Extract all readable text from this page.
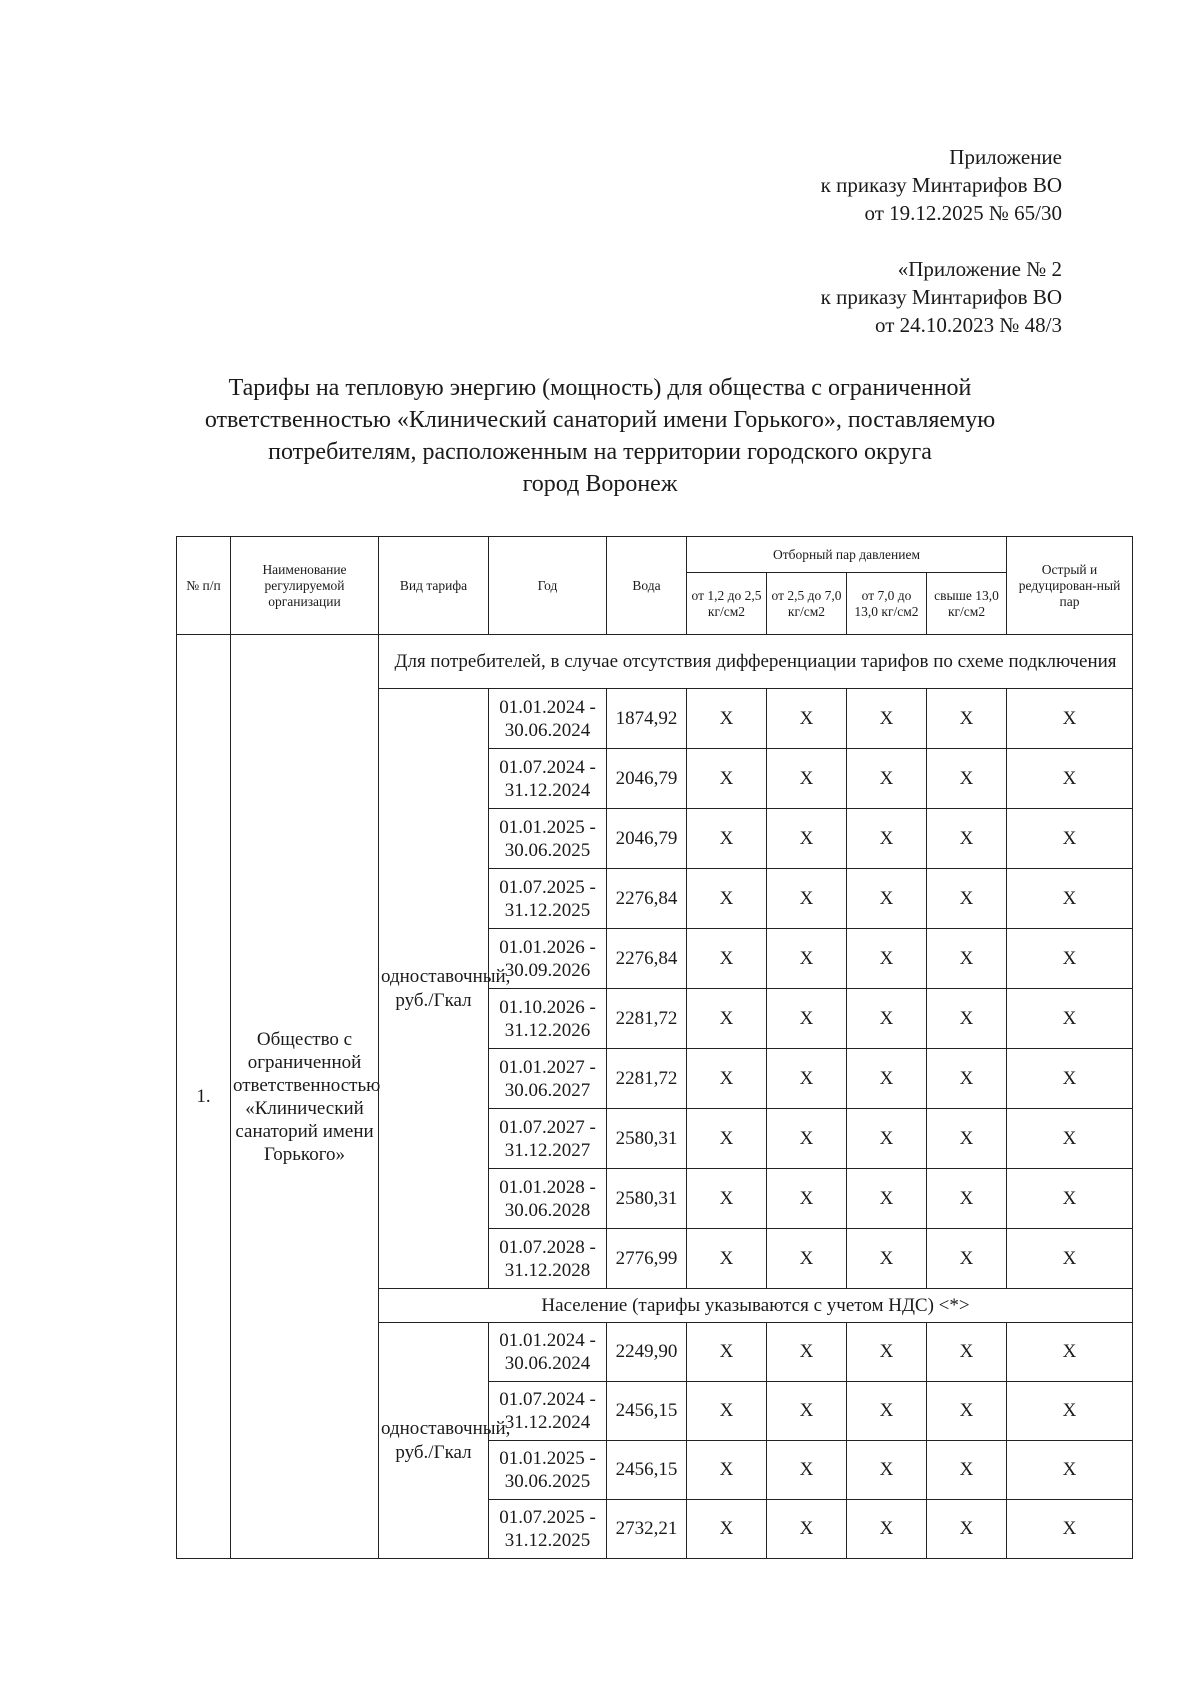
Приложение
к приказу Минтарифов ВО
от 19.12.2025 № 65/30
«Приложение № 2
к приказу Минтарифов ВО
от 24.10.2023 № 48/3
Тарифы на тепловую энергию (мощность) для общества с ограниченной
ответственностью «Клинический санаторий имени Горького», поставляемую
потребителям, расположенным на территории городского округа
город Воронеж
№ п/п	Наименование регулируемой организации	Вид тарифа	Год	Вода	Отборный пар давлением				Острый и редуцирован-ный пар
					от 1,2 до 2,5 кг/см2	от 2,5 до 7,0 кг/см2	от 7,0 до 13,0 кг/см2	свыше 13,0 кг/см2	
1.	Общество с ограниченной ответственностью «Клинический санаторий имени Горького»	Для потребителей, в случае отсутствия дифференциации тарифов по схеме подключения							
		одноставочный, руб./Гкал	01.01.2024 - 30.06.2024	1874,92	X	X	X	X	X
			01.07.2024 - 31.12.2024	2046,79	X	X	X	X	X
			01.01.2025 - 30.06.2025	2046,79	X	X	X	X	X
			01.07.2025 - 31.12.2025	2276,84	X	X	X	X	X
			01.01.2026 - 30.09.2026	2276,84	X	X	X	X	X
			01.10.2026 - 31.12.2026	2281,72	X	X	X	X	X
			01.01.2027 - 30.06.2027	2281,72	X	X	X	X	X
			01.07.2027 - 31.12.2027	2580,31	X	X	X	X	X
			01.01.2028 - 30.06.2028	2580,31	X	X	X	X	X
			01.07.2028 - 31.12.2028	2776,99	X	X	X	X	X
		Население (тарифы указываются с учетом НДС) <*>							
		одноставочный, руб./Гкал	01.01.2024 - 30.06.2024	2249,90	X	X	X	X	X
			01.07.2024 - 31.12.2024	2456,15	X	X	X	X	X
			01.01.2025 - 30.06.2025	2456,15	X	X	X	X	X
			01.07.2025 - 31.12.2025	2732,21	X	X	X	X	X
